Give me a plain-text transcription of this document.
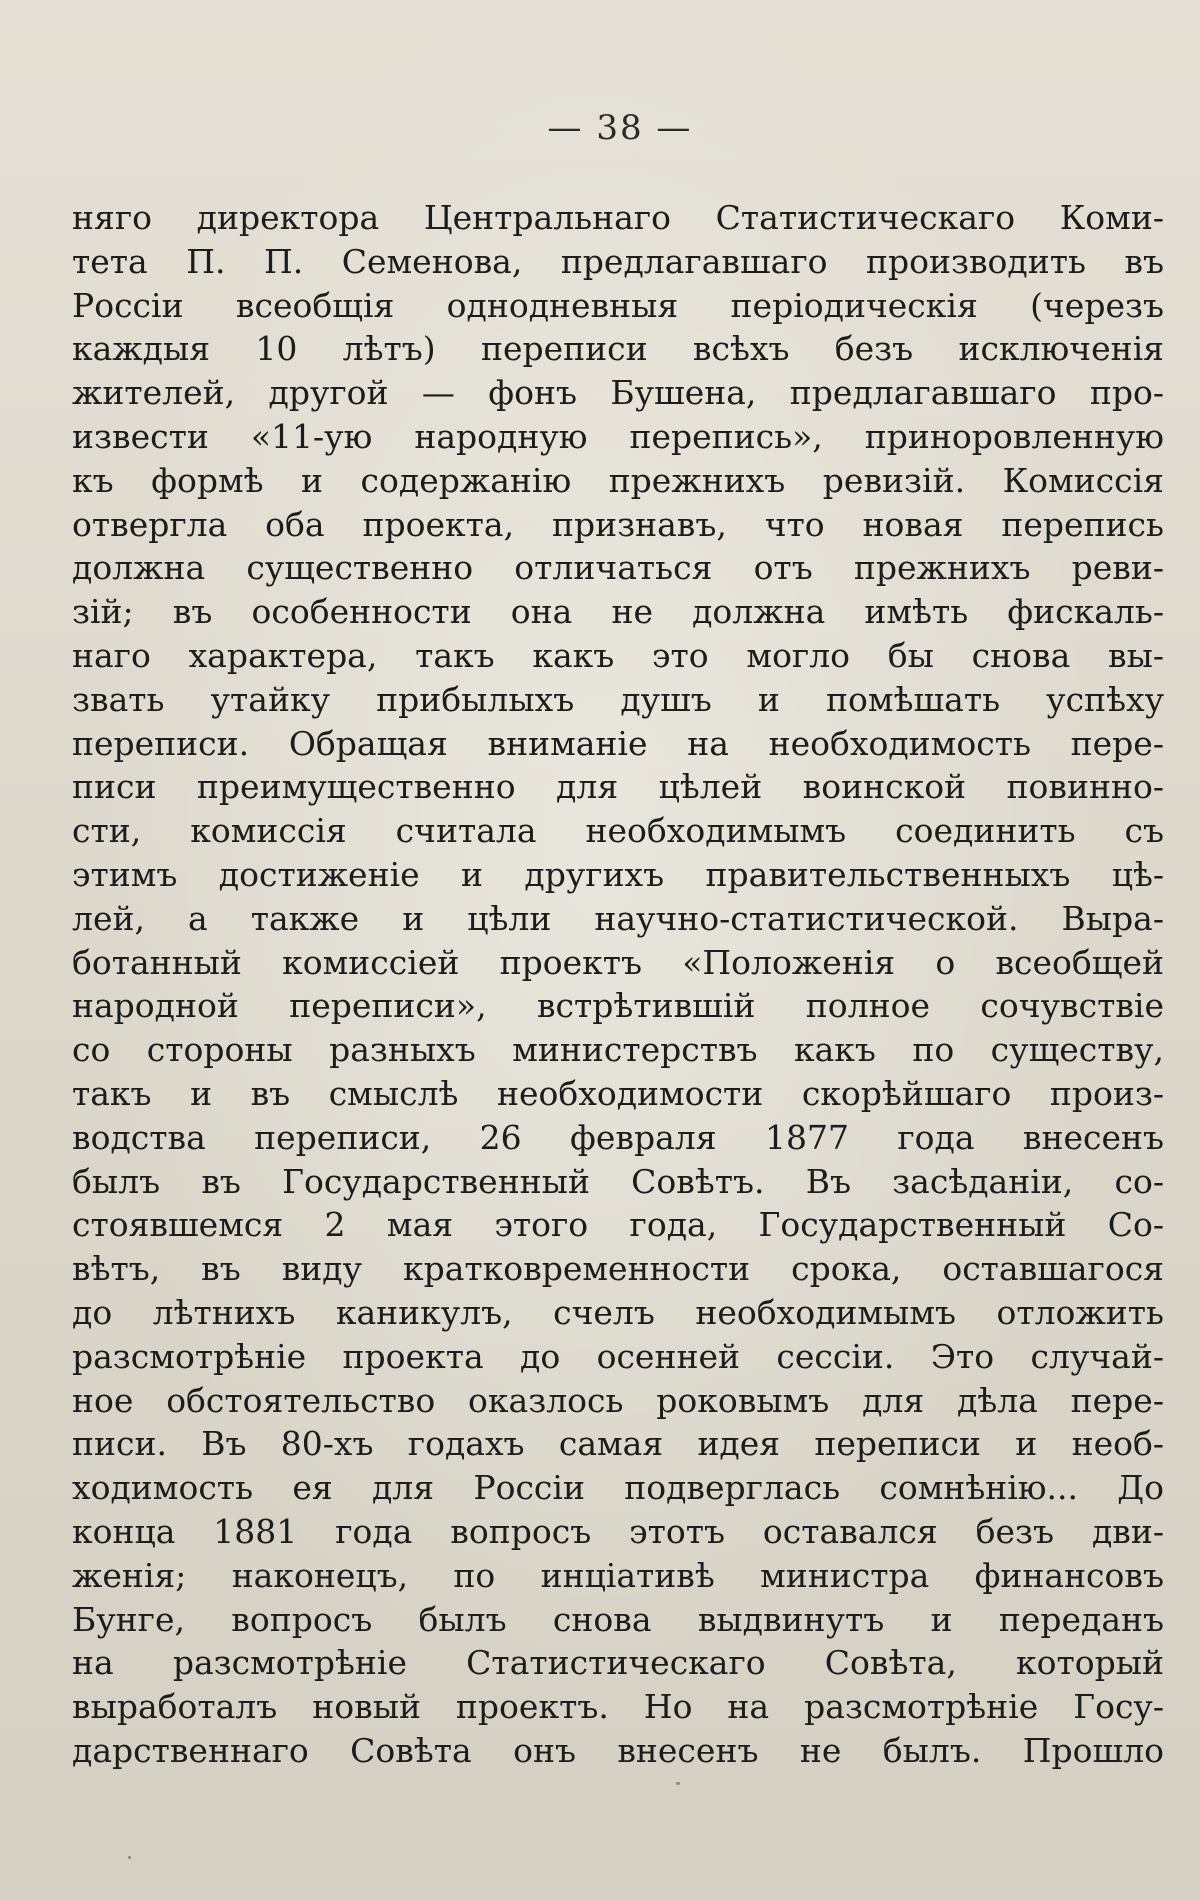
— 38 —
няго директора Центральнаго Статистическаго Коми-
тета П. П. Семенова, предлагавшаго производить въ
Россіи всеобщія однодневныя періодическія (черезъ
каждыя 10 лѣтъ) переписи всѣхъ безъ исключенія
жителей, другой — фонъ Бушена, предлагавшаго про-
извести «11-ую народную перепись», приноровленную
къ формѣ и содержанію прежнихъ ревизій. Комиссія
отвергла оба проекта, признавъ, что новая перепись
должна существенно отличаться отъ прежнихъ реви-
зій; въ особенности она не должна имѣть фискаль-
наго характера, такъ какъ это могло бы снова вы-
звать утайку прибылыхъ душъ и помѣшать успѣху
переписи. Обращая вниманіе на необходимость пере-
писи преимущественно для цѣлей воинской повинно-
сти, комиссія считала необходимымъ соединить съ
этимъ достиженіе и другихъ правительственныхъ цѣ-
лей, а также и цѣли научно-статистической. Выра-
ботанный комиссіей проектъ «Положенія о всеобщей
народной переписи», встрѣтившій полное сочувствіе
со стороны разныхъ министерствъ какъ по существу,
такъ и въ смыслѣ необходимости скорѣйшаго произ-
водства переписи, 26 февраля 1877 года внесенъ
былъ въ Государственный Совѣтъ. Въ засѣданіи, со-
стоявшемся 2 мая этого года, Государственный Со-
вѣтъ, въ виду кратковременности срока, оставшагося
до лѣтнихъ каникулъ, счелъ необходимымъ отложить
разсмотрѣніе проекта до осенней сессіи. Это случай-
ное обстоятельство оказлось роковымъ для дѣла пере-
писи. Въ 80-хъ годахъ самая идея переписи и необ-
ходимость ея для Россіи подверглась сомнѣнію... До
конца 1881 года вопросъ этотъ оставался безъ дви-
женія; наконецъ, по инціативѣ министра финансовъ
Бунге, вопросъ былъ снова выдвинутъ и переданъ
на разсмотрѣніе Статистическаго Совѣта, который
выработалъ новый проектъ. Но на разсмотрѣніе Госу-
дарственнаго Совѣта онъ внесенъ не былъ. Прошло
